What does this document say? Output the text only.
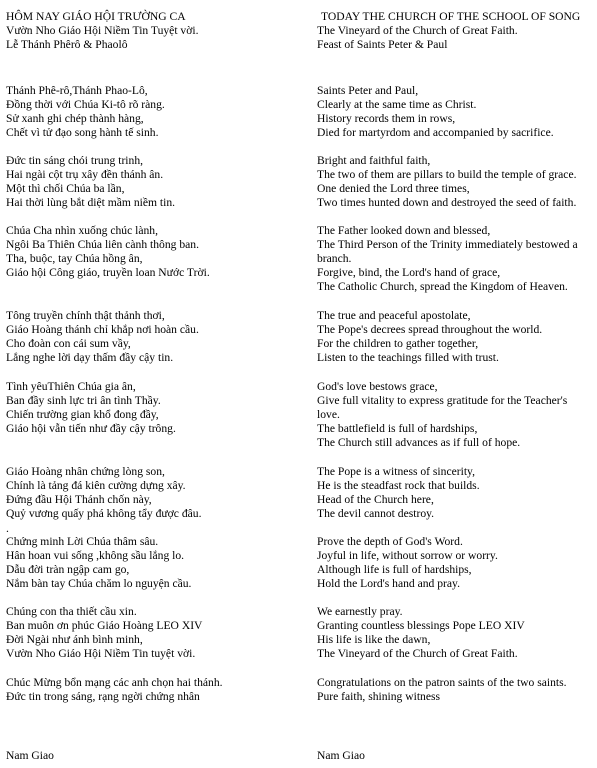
HÔM NAY GIÁO HỘI TRƯỜNG CA
Vườn Nho Giáo Hội Niềm Tin Tuyệt vời.
Lễ Thánh Phêrô & Phaolô
Thánh Phê-rô,Thánh Phao-Lô,
Đồng thời với Chúa Ki-tô rõ ràng.
Sử xanh ghi chép thành hàng,
Chết vì tử đạo song hành tế sinh.
Đức tin sáng chói trung trinh,
Hai ngài cột trụ xây đền thánh ân.
Một thì chối Chúa ba lần,
Hai thời lùng bắt diệt mầm niềm tin.
Chúa Cha nhìn xuống chúc lành,
Ngôi Ba Thiên Chúa liên cành thông ban.
Tha, buộc, tay Chúa hồng ân,
Giáo hội Công giáo, truyền loan Nước Trời.
Tông truyền chính thật thảnh thơi,
Giáo Hoàng thánh chỉ khắp nơi hoàn cầu.
Cho đoàn con cái sum vầy,
Lắng nghe lời dạy thấm đầy cậy tin.
Tình yêuThiên Chúa gia ân,
Ban đầy sinh lực tri ân tình Thầy.
Chiến trường gian khổ đong đầy,
Giáo hội vẫn tiến như đầy cậy trông.
Giáo Hoàng nhân chứng lòng son,
Chính là tảng đá kiên cường dựng xây.
Đứng đầu Hội Thánh chốn này,
Quỷ vương quấy phá không tẩy được đâu.
Chứng minh Lời Chúa thâm sâu.
Hân hoan vui sống ,không sầu lắng lo.
Dẫu đời tràn ngập cam go,
Nắm bàn tay Chúa chăm lo nguyện cầu.
Chúng con tha thiết cầu xin.
Ban muôn ơn phúc Giáo Hoàng LEO XIV
Đời Ngài như ánh bình minh,
Vườn Nho Giáo Hội Niềm Tin tuyệt vời.
Chúc Mừng bổn mạng các anh chọn hai thánh.
Đức tin trong sáng, rạng ngời chứng nhân
.
Nam Giao
TODAY THE CHURCH OF THE SCHOOL OF SONG
The Vineyard of the Church of Great Faith.
Feast of Saints Peter & Paul
Saints Peter and Paul,
Clearly at the same time as Christ.
History records them in rows,
Died for martyrdom and accompanied by sacrifice.
Bright and faithful faith,
The two of them are pillars to build the temple of grace.
One denied the Lord three times,
Two times hunted down and destroyed the seed of faith.
The Father looked down and blessed,
The Third Person of the Trinity immediately bestowed a
branch.
Forgive, bind, the Lord's hand of grace,
The Catholic Church, spread the Kingdom of Heaven.
The true and peaceful apostolate,
The Pope's decrees spread throughout the world.
For the children to gather together,
Listen to the teachings filled with trust.
God's love bestows grace,
Give full vitality to express gratitude for the Teacher's
love.
The battlefield is full of hardships,
The Church still advances as if full of hope.
The Pope is a witness of sincerity,
He is the steadfast rock that builds.
Head of the Church here,
The devil cannot destroy.
Prove the depth of God's Word.
Joyful in life, without sorrow or worry.
Although life is full of hardships,
Hold the Lord's hand and pray.
We earnestly pray.
Granting countless blessings Pope LEO XIV
His life is like the dawn,
The Vineyard of the Church of Great Faith.
Congratulations on the patron saints of the two saints.
Pure faith, shining witness
Nam Giao
